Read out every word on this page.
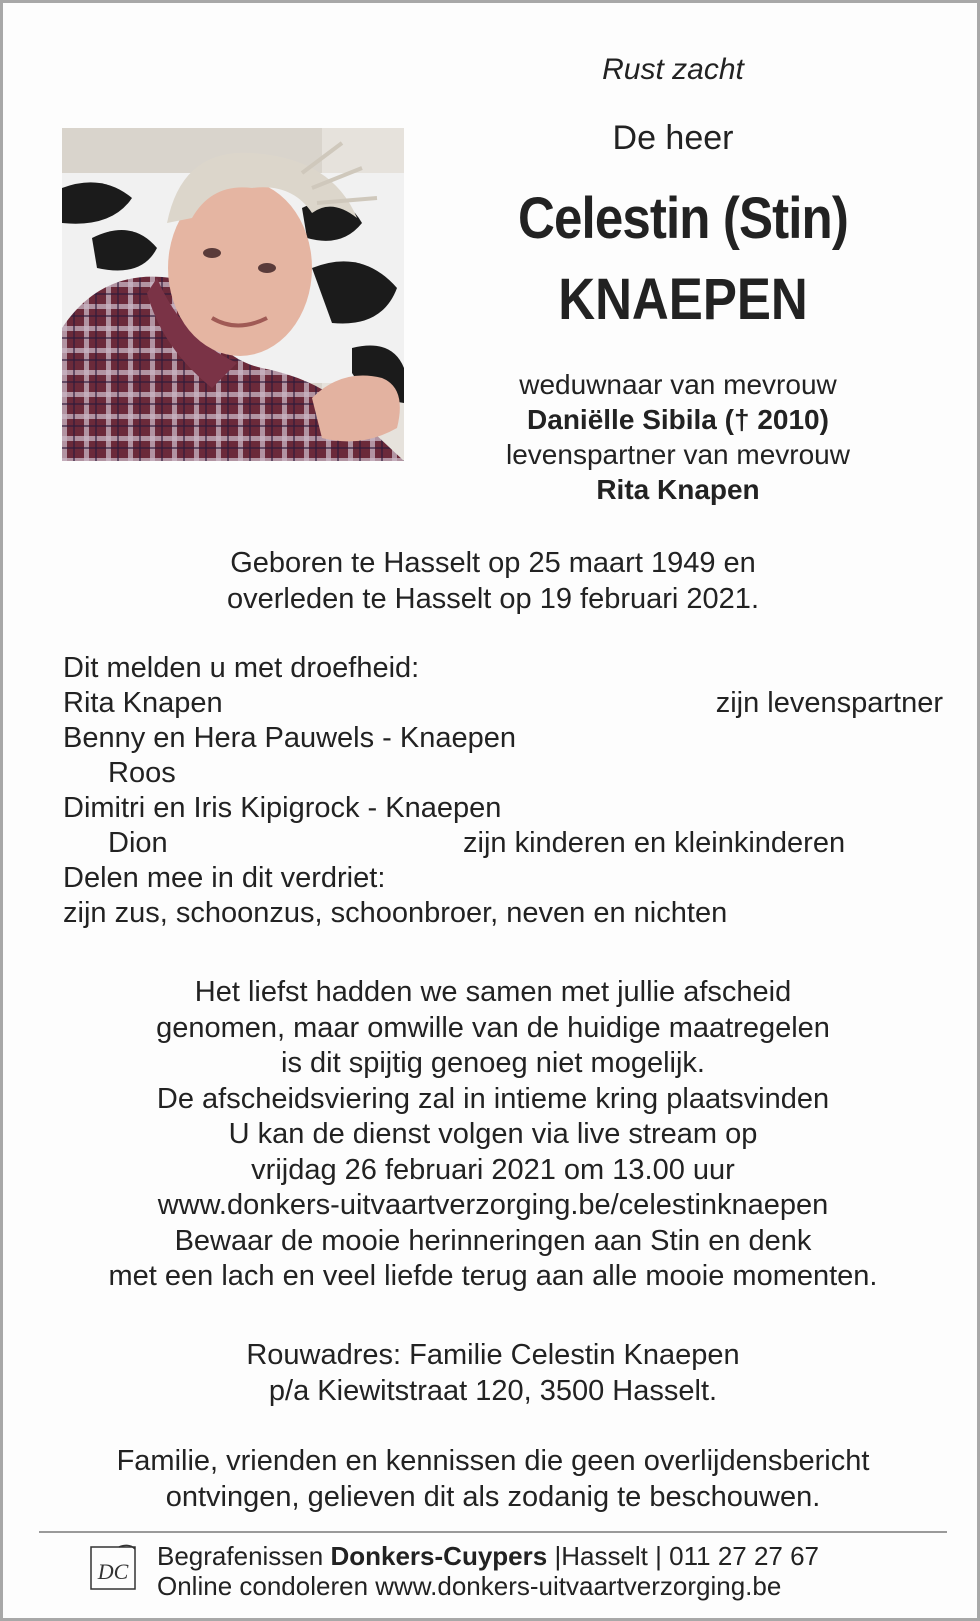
Rust zacht
De heer
Celestin (Stin)
KNAEPEN
weduwnaar van mevrouw
Daniëlle Sibila († 2010)
levenspartner van mevrouw
Rita Knapen
Geboren te Hasselt op 25 maart 1949 en
overleden te Hasselt op 19 februari 2021.
Dit melden u met droefheid:
Rita Knapen	zijn levenspartner
Benny en Hera Pauwels - Knaepen
Roos
Dimitri en Iris Kipigrock - Knaepen
Dion	zijn kinderen en kleinkinderen
Delen mee in dit verdriet:
zijn zus, schoonzus, schoonbroer, neven en nichten
Het liefst hadden we samen met jullie afscheid
genomen, maar omwille van de huidige maatregelen
is dit spijtig genoeg niet mogelijk.
De afscheidsviering zal in intieme kring plaatsvinden
U kan de dienst volgen via live stream op
vrijdag 26 februari 2021 om 13.00 uur
www.donkers-uitvaartverzorging.be/celestinknaepen
Bewaar de mooie herinneringen aan Stin en denk
met een lach en veel liefde terug aan alle mooie momenten.
Rouwadres: Familie Celestin Knaepen
p/a Kiewitstraat 120, 3500 Hasselt.
Familie, vrienden en kennissen die geen overlijdensbericht
ontvingen, gelieven dit als zodanig te beschouwen.
DC
Begrafenissen Donkers-Cuypers |Hasselt | 011 27 27 67
Online condoleren www.donkers-uitvaartverzorging.be
